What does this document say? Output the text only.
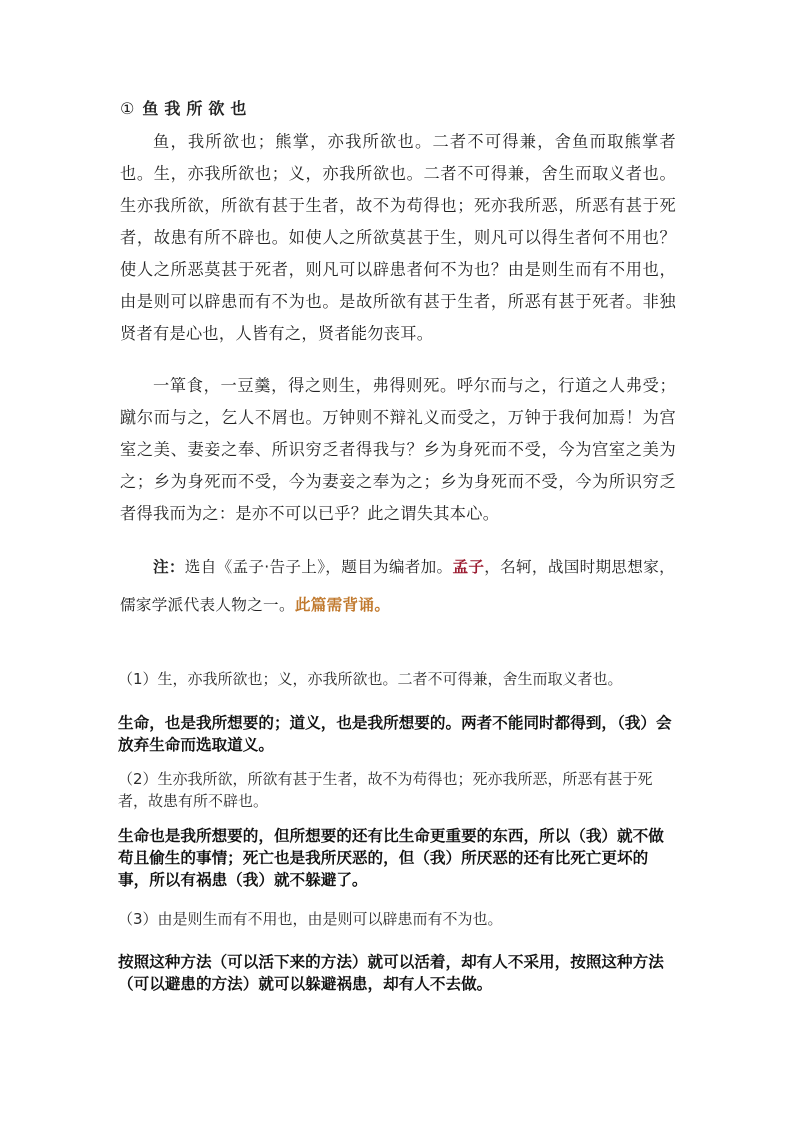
① 鱼我所欲也
鱼，我所欲也；熊掌，亦我所欲也。二者不可得兼，舍鱼而取熊掌者也。生，亦我所欲也；义，亦我所欲也。二者不可得兼，舍生而取义者也。生亦我所欲，所欲有甚于生者，故不为苟得也；死亦我所恶，所恶有甚于死者，故患有所不辟也。如使人之所欲莫甚于生，则凡可以得生者何不用也？使人之所恶莫甚于死者，则凡可以辟患者何不为也？由是则生而有不用也，由是则可以辟患而有不为也。是故所欲有甚于生者，所恶有甚于死者。非独贤者有是心也，人皆有之，贤者能勿丧耳。
一箪食，一豆羹，得之则生，弗得则死。呼尔而与之，行道之人弗受；蹴尔而与之，乞人不屑也。万钟则不辩礼义而受之，万钟于我何加焉！为宫室之美、妻妾之奉、所识穷乏者得我与？乡为身死而不受，今为宫室之美为之；乡为身死而不受，今为妻妾之奉为之；乡为身死而不受，今为所识穷乏者得我而为之：是亦不可以已乎？此之谓失其本心。
注：选自《孟子·告子上》，题目为编者加。孟子，名轲，战国时期思想家，儒家学派代表人物之一。此篇需背诵。
（1）生，亦我所欲也；义，亦我所欲也。二者不可得兼，舍生而取义者也。
生命，也是我所想要的；道义，也是我所想要的。两者不能同时都得到，（我）会放弃生命而选取道义。
（2）生亦我所欲，所欲有甚于生者，故不为苟得也；死亦我所恶，所恶有甚于死者，故患有所不辟也。
生命也是我所想要的，但所想要的还有比生命更重要的东西，所以（我）就不做苟且偷生的事情；死亡也是我所厌恶的，但（我）所厌恶的还有比死亡更坏的事，所以有祸患（我）就不躲避了。
（3）由是则生而有不用也，由是则可以辟患而有不为也。
按照这种方法（可以活下来的方法）就可以活着，却有人不采用，按照这种方法（可以避患的方法）就可以躲避祸患，却有人不去做。
